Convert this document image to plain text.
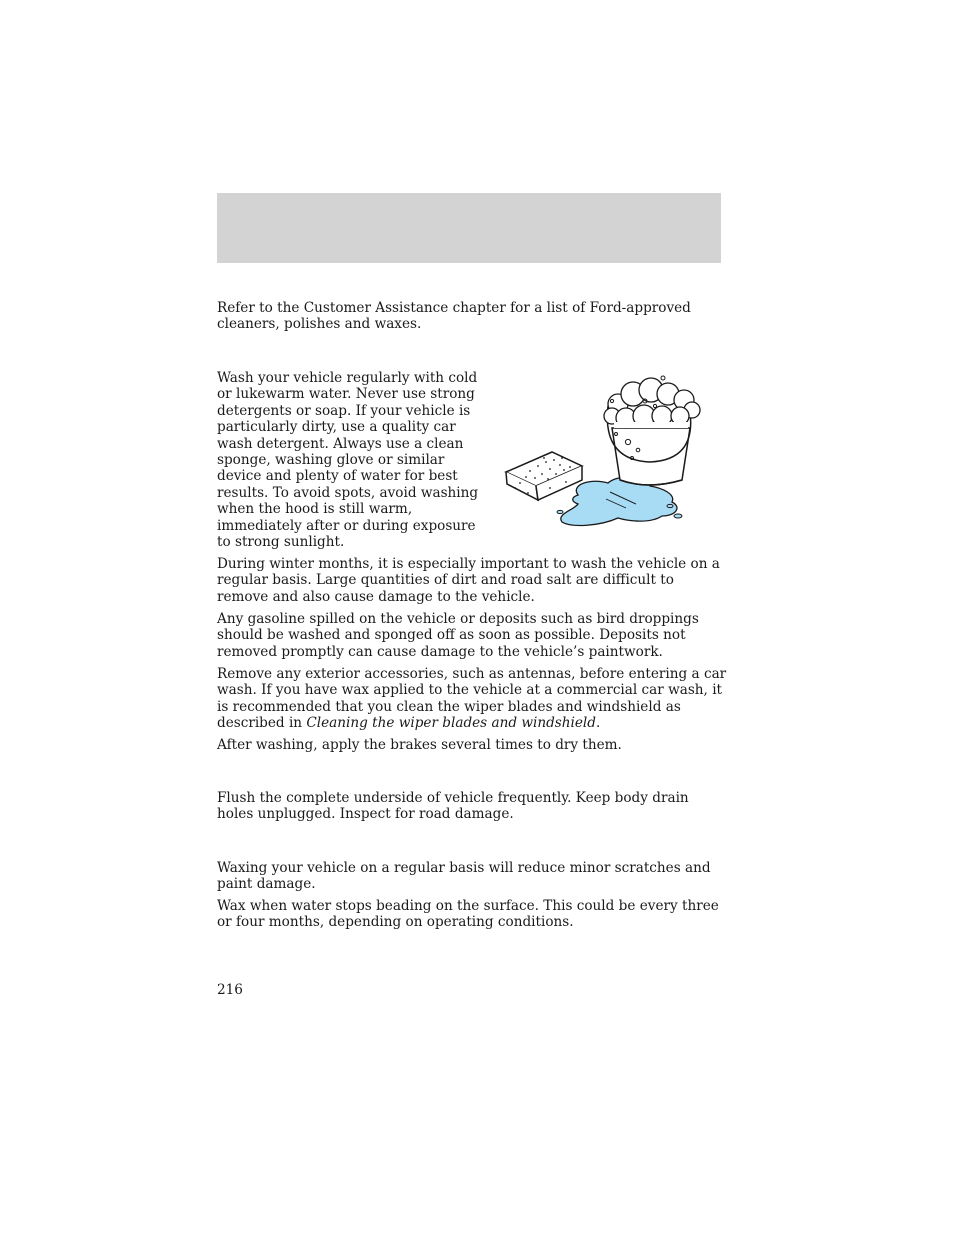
Refer to the Customer Assistance chapter for a list of Ford-approved cleaners, polishes and waxes.

Wash your vehicle regularly with cold or lukewarm water. Never use strong detergents or soap. If your vehicle is particularly dirty, use a quality car wash detergent. Always use a clean sponge, washing glove or similar device and plenty of water for best results. To avoid spots, avoid washing when the hood is still warm, immediately after or during exposure to strong sunlight.

During winter months, it is especially important to wash the vehicle on a regular basis. Large quantities of dirt and road salt are difficult to remove and also cause damage to the vehicle.

Any gasoline spilled on the vehicle or deposits such as bird droppings should be washed and sponged off as soon as possible. Deposits not removed promptly can cause damage to the vehicle’s paintwork.

Remove any exterior accessories, such as antennas, before entering a car wash. If you have wax applied to the vehicle at a commercial car wash, it is recommended that you clean the wiper blades and windshield as described in Cleaning the wiper blades and windshield.

After washing, apply the brakes several times to dry them.

Flush the complete underside of vehicle frequently. Keep body drain holes unplugged. Inspect for road damage.

Waxing your vehicle on a regular basis will reduce minor scratches and paint damage.

Wax when water stops beading on the surface. This could be every three or four months, depending on operating conditions.

216
